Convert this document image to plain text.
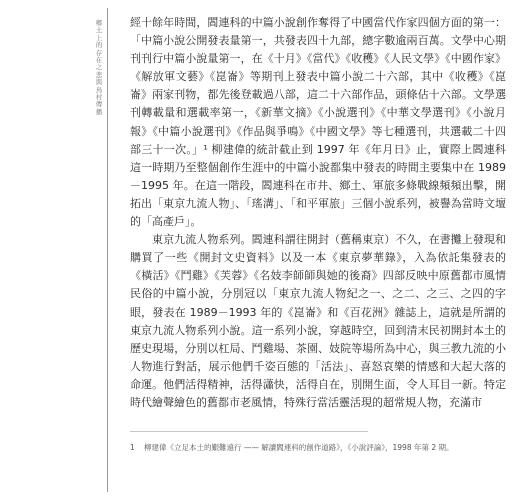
鄉土上的存在之悲與鳥村傳播

經十餘年時間，閻連科的中篇小說創作奪得了中國當代作家四個方面的第一：「中篇小說公開發表量第一，共發表四十九部，總字數逾兩百萬。文學中心期刊刊行中篇小說量第一，在《十月》《當代》《收穫》《人民文學》《中國作家》《解放軍文藝》《崑崙》等期刊上發表中篇小說二十六部，其中《收穫》《崑崙》兩家刊物，都先後登載過八部，這二十六部作品，頭條佔十六部。文學選刊轉載量和選載率第一，《新華文摘》《小說選刊》《中華文學選刊》《小說月報》《中篇小說選刊》《作品與爭鳴》《中國文學》等七種選刊，共選載二十四部三十一次。」¹ 柳建偉的統計截止到 1997 年《年月日》止，實際上閻連科這一時期乃至整個創作生涯中的中篇小說都集中發表的時間主要集中在 1989－1995 年。在這一階段，閻連科在市井、鄉土、軍旅多條戰線頻頻出擊，開拓出「東京九流人物」、「瑤溝」、「和平軍旅」三個小說系列，被譽為當時文壇的「高產戶」。

東京九流人物系列。閻連科謂往開封（舊稱東京）不久，在書攤上發現和購買了一些《開封文史資料》以及一本《東京夢華錄》，入為依託集發表的《橫活》《鬥雞》《芙蓉》《名妓李師師與她的後裔》四部反映中原舊都市風情民俗的中篇小說，分別冠以「東京九流人物紀之一、之二、之三、之四的字眼，發表在 1989－1993 年的《崑崙》和《百花洲》雜誌上，這就是所謂的東京九流人物系列小說。這一系列小說，穿越時空，回到清末民初開封本土的歷史現場，分別以杠局、鬥雞場、茶園、妓院等場所為中心，與三教九流的小人物進行對話，展示他們千姿百態的「活法」、喜怒哀樂的情感和大起大落的命運。他們活得精神，活得瀟快，活得自在，別開生面，令人耳目一新。特定時代繪聲繪色的舊都市老風情，特殊行當活靈活現的超常規人物，充滿市

1 柳建偉《立足本土的艱難遠行 —— 解讀閻連科的創作道路》，《小說評論》，1998 年第 2 期。
